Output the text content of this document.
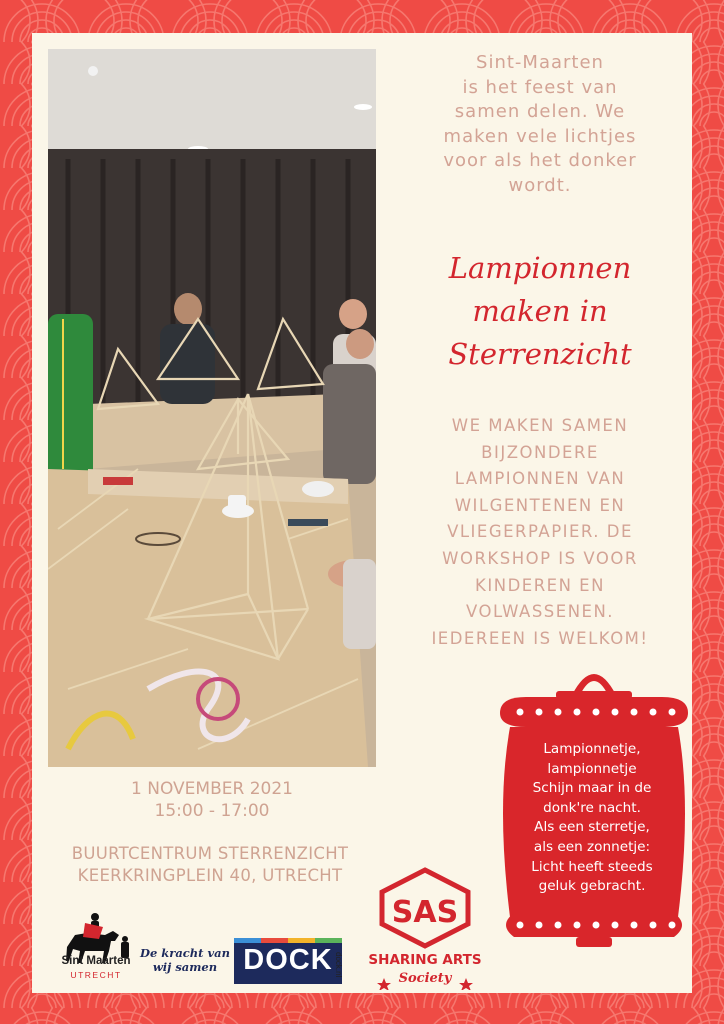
Sint-Maarten
is het feest van
samen delen. We
maken vele lichtjes
voor als het donker
wordt.
Lampionnen
maken in
Sterrenzicht
WE MAKEN SAMEN
BIJZONDERE
LAMPIONNEN VAN
WILGENTENEN EN
VLIEGERPAPIER. DE
WORKSHOP IS VOOR
KINDEREN EN
VOLWASSENEN.
IEDEREEN IS WELKOM!
1 NOVEMBER 2021
15:00 - 17:00
BUURTCENTRUM STERRENZICHT
KEERKRINGPLEIN 40, UTRECHT
Lampionnetje,
lampionnetje
Schijn maar in de
donk're nacht.
Als een sterretje,
als een zonnetje:
Licht heeft steeds
geluk gebracht.
Sint Maarten
UTRECHT
De kracht van
wij samen DOCK dock.nl
SAS
SHARING ARTS
Society
